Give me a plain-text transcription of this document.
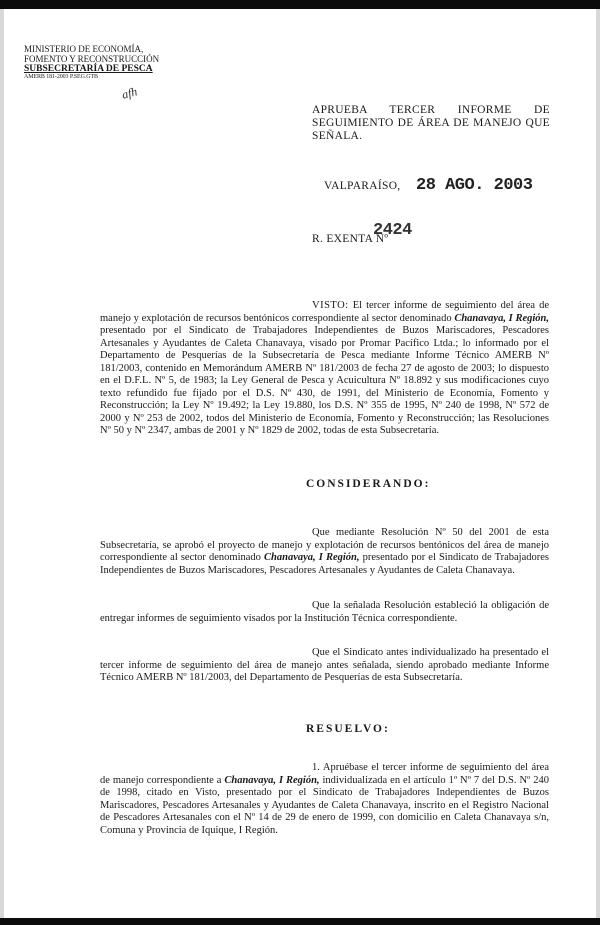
MINISTERIO DE ECONOMÍA,
FOMENTO Y RECONSTRUCCIÓN
SUBSECRETARÍA DE PESCA
AMERB 181-2003 P.SEG.GTB
afh
APRUEBA TERCER INFORME DE SEGUIMIENTO DE ÁREA DE MANEJO QUE SEÑALA.
VALPARAÍSO, 28 AGO. 2003
R. EXENTA Nº
2424
VISTO: El tercer informe de seguimiento del área de manejo y explotación de recursos bentónicos correspondiente al sector denominado Chanavaya, I Región, presentado por el Sindicato de Trabajadores Independientes de Buzos Mariscadores, Pescadores Artesanales y Ayudantes de Caleta Chanavaya, visado por Promar Pacífico Ltda.; lo informado por el Departamento de Pesquerías de la Subsecretaría de Pesca mediante Informe Técnico AMERB Nº 181/2003, contenido en Memorándum AMERB Nº 181/2003 de fecha 27 de agosto de 2003; lo dispuesto en el D.F.L. Nº 5, de 1983; la Ley General de Pesca y Acuicultura Nº 18.892 y sus modificaciones cuyo texto refundido fue fijado por el D.S. Nº 430, de 1991, del Ministerio de Economía, Fomento y Reconstrucción; la Ley Nº 19.492; la Ley 19.880, los D.S. Nº 355 de 1995, Nº 240 de 1998, Nº 572 de 2000 y Nº 253 de 2002, todos del Ministerio de Economía, Fomento y Reconstrucción; las Resoluciones Nº 50 y Nº 2347, ambas de 2001 y Nº 1829 de 2002, todas de esta Subsecretaría.
CONSIDERANDO:
Que mediante Resolución Nº 50 del 2001 de esta Subsecretaría, se aprobó el proyecto de manejo y explotación de recursos bentónicos del área de manejo correspondiente al sector denominado Chanavaya, I Región, presentado por el Sindicato de Trabajadores Independientes de Buzos Mariscadores, Pescadores Artesanales y Ayudantes de Caleta Chanavaya.
Que la señalada Resolución estableció la obligación de entregar informes de seguimiento visados por la Institución Técnica correspondiente.
Que el Sindicato antes individualizado ha presentado el tercer informe de seguimiento del área de manejo antes señalada, siendo aprobado mediante Informe Técnico AMERB Nº 181/2003, del Departamento de Pesquerías de esta Subsecretaría.
RESUELVO:
1. Apruébase el tercer informe de seguimiento del área de manejo correspondiente a Chanavaya, I Región, individualizada en el artículo 1º Nº 7 del D.S. Nº 240 de 1998, citado en Visto, presentado por el Sindicato de Trabajadores Independientes de Buzos Mariscadores, Pescadores Artesanales y Ayudantes de Caleta Chanavaya, inscrito en el Registro Nacional de Pescadores Artesanales con el Nº 14 de 29 de enero de 1999, con domicilio en Caleta Chanavaya s/n, Comuna y Provincia de Iquique, I Región.
